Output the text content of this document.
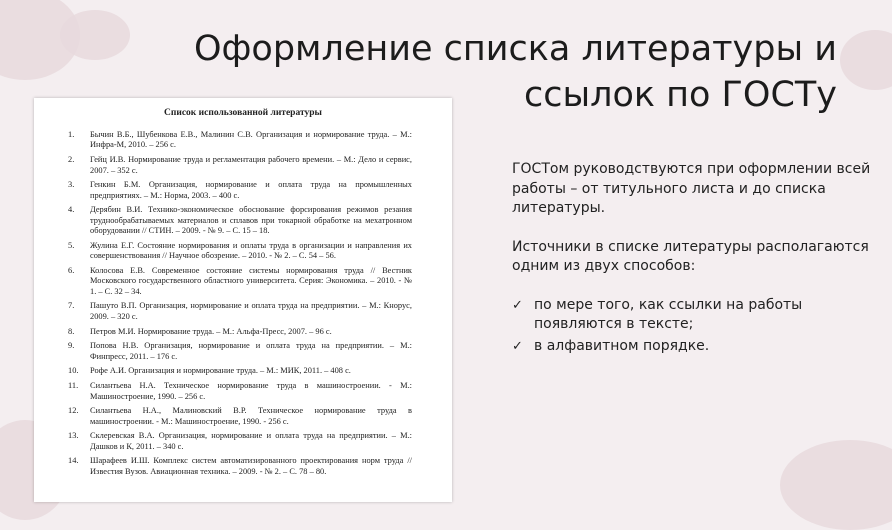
Оформление списка литературы и
ссылок по ГОСТу
Список использованной литературы
1.	Бычин В.Б., Шубенкова Е.В., Малинин С.В. Организация и нормирование труда. – М.: Инфра-М, 2010. – 256 с.
2.	Гейц И.В. Нормирование труда и регламентация рабочего времени. – М.: Дело и сервис, 2007. – 352 с.
3.	Генкин Б.М. Организация, нормирование и оплата труда на промышленных предприятиях. – М.: Норма, 2003. – 400 с.
4.	Дерябин В.И. Технико-экономическое обоснование форсирования режимов резания труднообрабатываемых материалов и сплавов при токарной обработке на мехатронном оборудовании // СТИН. – 2009. - № 9. – С. 15 – 18.
5.	Жулина Е.Г. Состояние нормирования и оплаты труда в организации и направления их совершенствования // Научное обозрение. – 2010. - № 2. – С. 54 – 56.
6.	Колосова Е.В. Современное состояние системы нормирования труда // Вестник Московского государственного областного университета. Серия: Экономика. – 2010. - № 1. – С. 32 – 34.
7.	Пашуто В.П. Организация, нормирование и оплата труда на предприятии. – М.: Кнорус, 2009. – 320 с.
8.	Петров М.И. Нормирование труда. – М.: Альфа-Пресс, 2007. – 96 с.
9.	Попова Н.В. Организация, нормирование и оплата труда на предприятии. – М.: Финпресс, 2011. – 176 с.
10.	Рофе А.И. Организация и нормирование труда. – М.: МИК, 2011. – 408 с.
11.	Силантьева Н.А. Техническое нормирование труда в машиностроении. - М.: Машиностроение, 1990. – 256 с.
12.	Силантьева Н.А., Малиновский В.Р. Техническое нормирование труда в машиностроении. - М.: Машиностроение, 1990. - 256 с.
13.	Склеревская В.А. Организация, нормирование и оплата труда на предприятии. – М.: Дашков и К, 2011. – 340 с.
14.	Шарафеев И.Ш. Комплекс систем автоматизированного проектирования норм труда // Известия Вузов. Авиационная техника. – 2009. - № 2. – С. 78 – 80.

ГОСТом руководствуются при оформлении всей работы – от титульного листа и до списка литературы.

Источники в списке литературы располагаются одним из двух способов:

✓ по мере того, как ссылки на работы появляются в тексте;
✓ в алфавитном порядке.
